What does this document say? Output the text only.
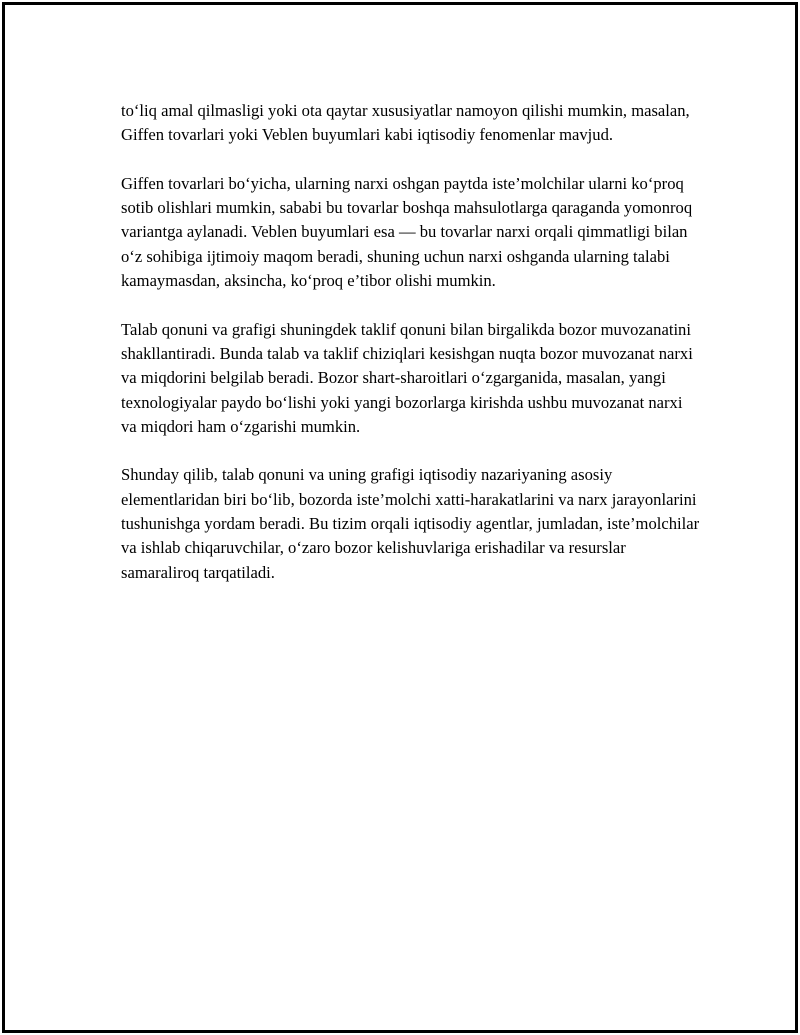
to‘liq amal qilmasligi yoki ota qaytar xususiyatlar namoyon qilishi mumkin, masalan, Giffen tovarlari yoki Veblen buyumlari kabi iqtisodiy fenomenlar mavjud.

Giffen tovarlari bo‘yicha, ularning narxi oshgan paytda iste’molchilar ularni ko‘proq sotib olishlari mumkin, sababi bu tovarlar boshqa mahsulotlarga qaraganda yomonroq variantga aylanadi. Veblen buyumlari esa — bu tovarlar narxi orqali qimmatligi bilan o‘z sohibiga ijtimoiy maqom beradi, shuning uchun narxi oshganda ularning talabi kamaymasdan, aksincha, ko‘proq e’tibor olishi mumkin.

Talab qonuni va grafigi shuningdek taklif qonuni bilan birgalikda bozor muvozanatini shakllantiradi. Bunda talab va taklif chiziqlari kesishgan nuqta bozor muvozanat narxi va miqdorini belgilab beradi. Bozor shart-sharoitlari o‘zgarganida, masalan, yangi texnologiyalar paydo bo‘lishi yoki yangi bozorlarga kirishda ushbu muvozanat narxi va miqdori ham o‘zgarishi mumkin.

Shunday qilib, talab qonuni va uning grafigi iqtisodiy nazariyaning asosiy elementlaridan biri bo‘lib, bozorda iste’molchi xatti-harakatlarini va narx jarayonlarini tushunishga yordam beradi. Bu tizim orqali iqtisodiy agentlar, jumladan, iste’molchilar va ishlab chiqaruvchilar, o‘zaro bozor kelishuvlariga erishadilar va resurslar samaraliroq tarqatiladi.
